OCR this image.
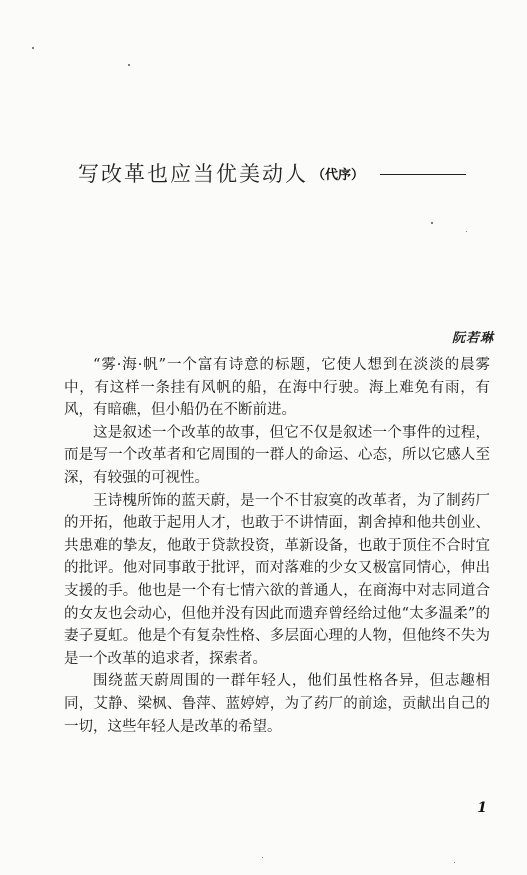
写改革也应当优美动人 （代序）
阮若琳

“雾·海·帆”一个富有诗意的标题，它使人想到在淡淡的晨雾中，有这样一条挂有风帆的船，在海中行驶。海上难免有雨，有风，有暗礁，但小船仍在不断前进。

这是叙述一个改革的故事，但它不仅是叙述一个事件的过程，而是写一个改革者和它周围的一群人的命运、心态，所以它感人至深，有较强的可视性。

王诗槐所饰的蓝天蔚，是一个不甘寂寞的改革者，为了制药厂的开拓，他敢于起用人才，也敢于不讲情面，割舍掉和他共创业、共患难的挚友，他敢于贷款投资，革新设备，也敢于顶住不合时宜的批评。他对同事敢于批评，而对落难的少女又极富同情心，伸出支援的手。他也是一个有七情六欲的普通人，在商海中对志同道合的女友也会动心，但他并没有因此而遗弃曾经给过他“太多温柔”的妻子夏虹。他是个有复杂性格、多层面心理的人物，但他终不失为是一个改革的追求者，探索者。

围绕蓝天蔚周围的一群年轻人，他们虽性格各异，但志趣相同，艾静、梁枫、鲁萍、蓝婷婷，为了药厂的前途，贡献出自己的一切，这些年轻人是改革的希望。

1
